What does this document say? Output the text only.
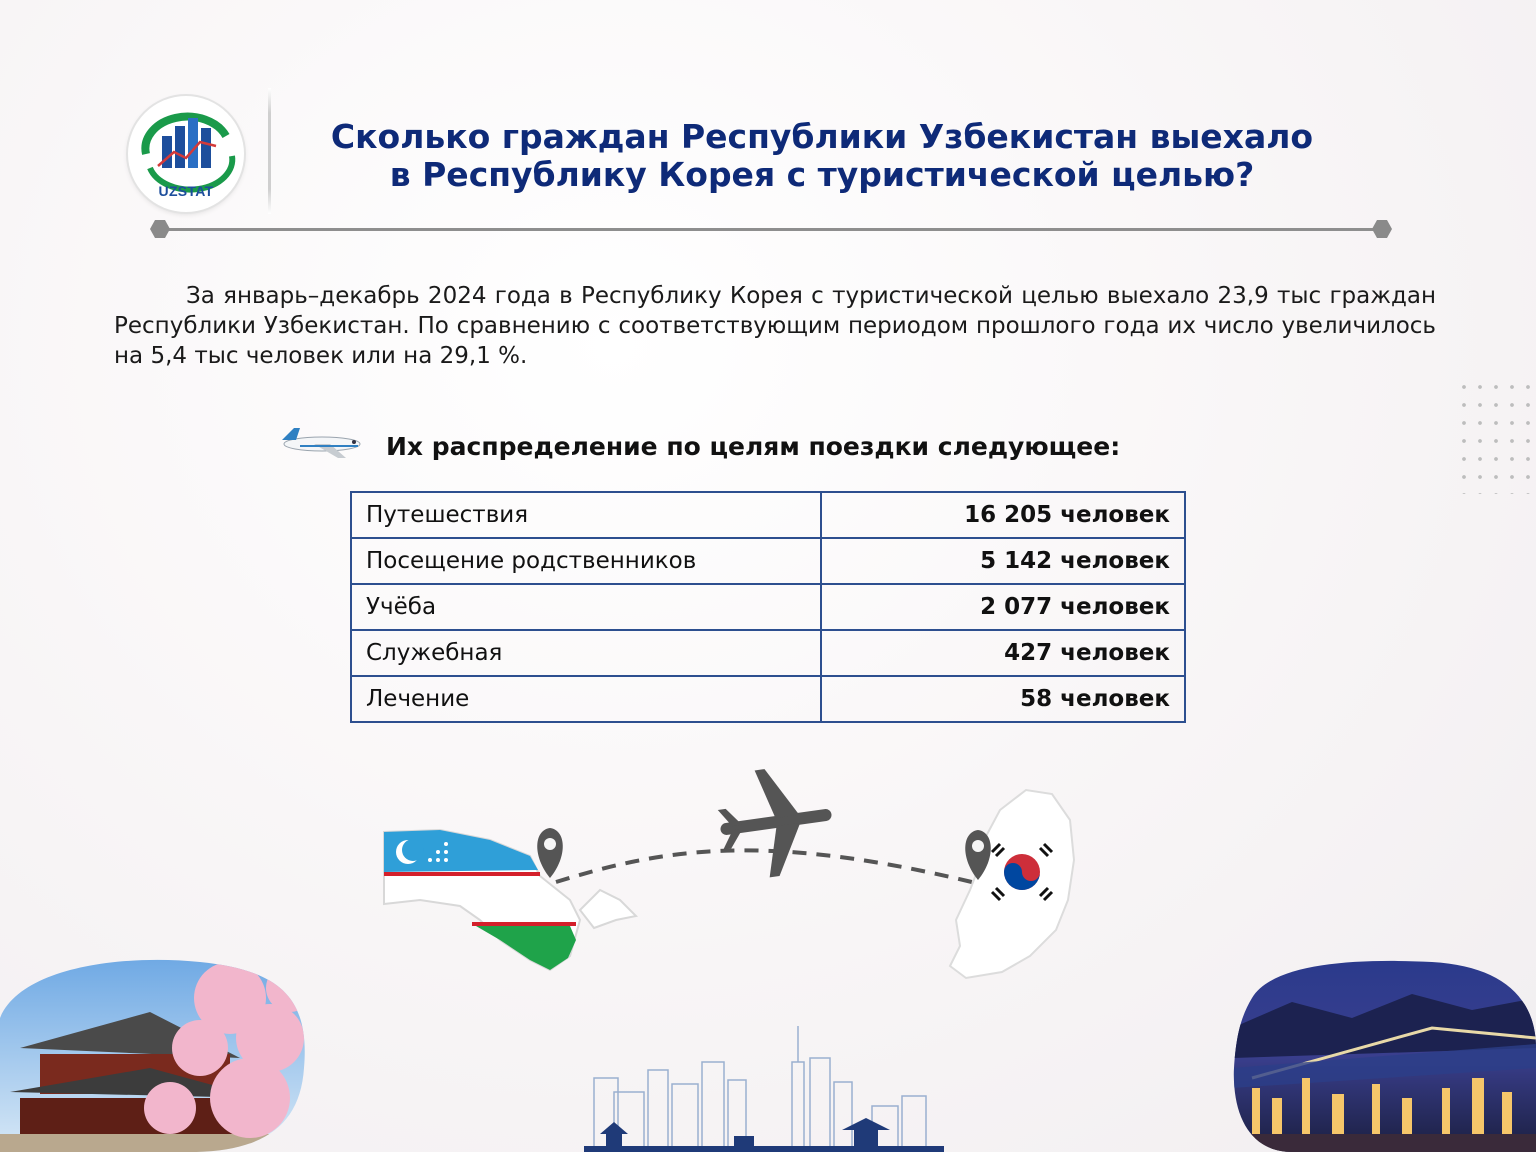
UZSTAT
Сколько граждан Республики Узбекистан выехало
в Республику Корея с туристической целью?
За январь–декабрь 2024 года в Республику Корея с туристической целью выехало 23,9 тыс граждан Республики Узбекистан. По сравнению с соответствующим периодом прошлого года их число увеличилось на 5,4 тыс человек или на 29,1 %.
Их распределение по целям поездки следующее:
Путешествия	16 205 человек
Посещение родственников	5 142 человек
Учёба	2 077 человек
Служебная	427 человек
Лечение	58 человек
